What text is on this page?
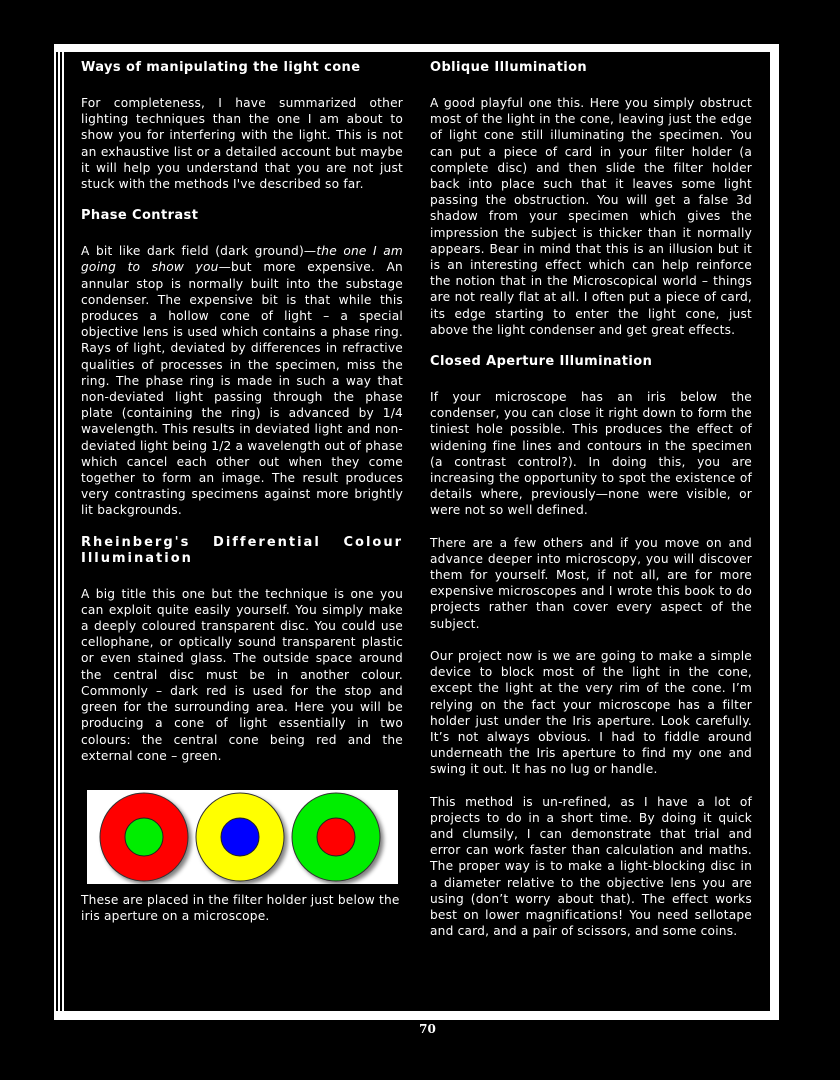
Ways of manipulating the light cone

For completeness, I have summarized other lighting techniques than the one I am about to show you for interfering with the light. This is not an exhaustive list or a detailed account but maybe it will help you understand that you are not just stuck with the methods I've described so far.

Phase Contrast

A bit like dark field (dark ground)—the one I am going to show you—but more expensive. An annular stop is normally built into the substage condenser. The expensive bit is that while this produces a hollow cone of light – a special objective lens is used which contains a phase ring. Rays of light, deviated by differences in refractive qualities of processes in the specimen, miss the ring. The phase ring is made in such a way that non-deviated light passing through the phase plate (containing the ring) is advanced by 1/4 wavelength. This results in deviated light and non-deviated light being 1/2 a wavelength out of phase which cancel each other out when they come together to form an image. The result produces very contrasting specimens against more brightly lit backgrounds.

Rheinberg's Differential Colour Illumination

A big title this one but the technique is one you can exploit quite easily yourself. You simply make a deeply coloured transparent disc. You could use cellophane, or optically sound transparent plastic or even stained glass. The outside space around the central disc must be in another colour. Commonly – dark red is used for the stop and green for the surrounding area. Here you will be producing a cone of light essentially in two colours: the central cone being red and the external cone – green.

These are placed in the filter holder just below the iris aperture on a microscope.

Oblique Illumination

A good playful one this. Here you simply obstruct most of the light in the cone, leaving just the edge of light cone still illuminating the specimen. You can put a piece of card in your filter holder (a complete disc) and then slide the filter holder back into place such that it leaves some light passing the obstruction. You will get a false 3d shadow from your specimen which gives the impression the subject is thicker than it normally appears. Bear in mind that this is an illusion but it is an interesting effect which can help reinforce the notion that in the Microscopical world – things are not really flat at all. I often put a piece of card, its edge starting to enter the light cone, just above the light condenser and get great effects.

Closed Aperture Illumination

If your microscope has an iris below the condenser, you can close it right down to form the tiniest hole possible. This produces the effect of widening fine lines and contours in the specimen (a contrast control?). In doing this, you are increasing the opportunity to spot the existence of details where, previously—none were visible, or were not so well defined.

There are a few others and if you move on and advance deeper into microscopy, you will discover them for yourself. Most, if not all, are for more expensive microscopes and I wrote this book to do projects rather than cover every aspect of the subject.

Our project now is we are going to make a simple device to block most of the light in the cone, except the light at the very rim of the cone. I’m relying on the fact your microscope has a filter holder just under the Iris aperture. Look carefully. It’s not always obvious. I had to fiddle around underneath the Iris aperture to find my one and swing it out. It has no lug or handle.

This method is un-refined, as I have a lot of projects to do in a short time. By doing it quick and clumsily, I can demonstrate that trial and error can work faster than calculation and maths. The proper way is to make a light-blocking disc in a diameter relative to the objective lens you are using (don’t worry about that). The effect works best on lower magnifications! You need sellotape and card, and a pair of scissors, and some coins.

70
